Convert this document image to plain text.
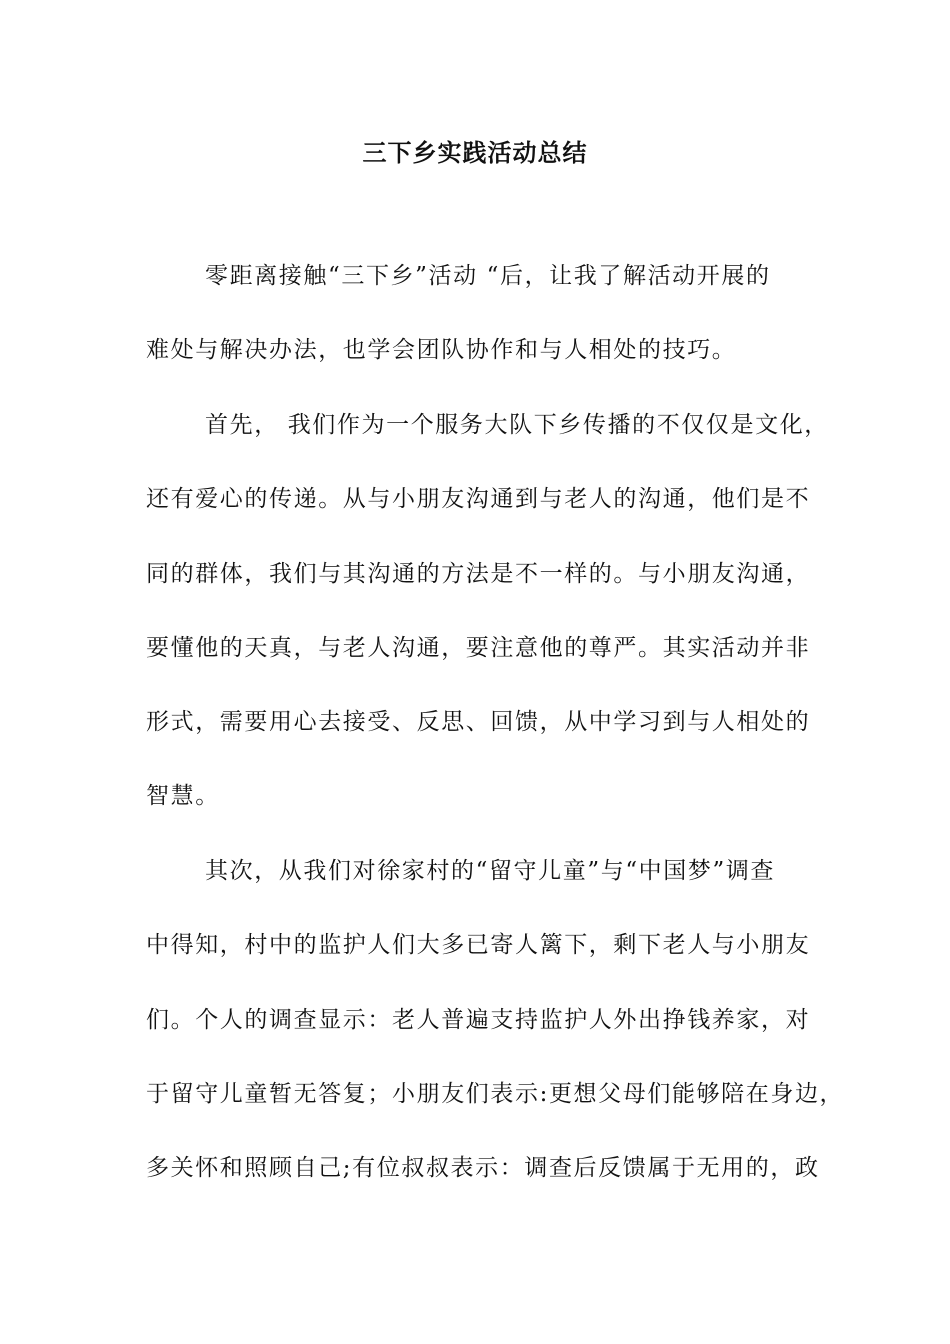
三下乡实践活动总结

零距离接触“三下乡”活动 “后，让我了解活动开展的

难处与解决办法，也学会团队协作和与人相处的技巧。

首先， 我们作为一个服务大队下乡传播的不仅仅是文化，

还有爱心的传递。从与小朋友沟通到与老人的沟通，他们是不

同的群体，我们与其沟通的方法是不一样的。与小朋友沟通，

要懂他的天真，与老人沟通，要注意他的尊严。其实活动并非

形式，需要用心去接受、反思、回馈，从中学习到与人相处的

智慧。

其次，从我们对徐家村的“留守儿童”与“中国梦”调查

中得知，村中的监护人们大多已寄人篱下，剩下老人与小朋友

们。个人的调查显示：老人普遍支持监护人外出挣钱养家，对

于留守儿童暂无答复；小朋友们表示:更想父母们能够陪在身边，

多关怀和照顾自己;有位叔叔表示：调查后反馈属于无用的，政
